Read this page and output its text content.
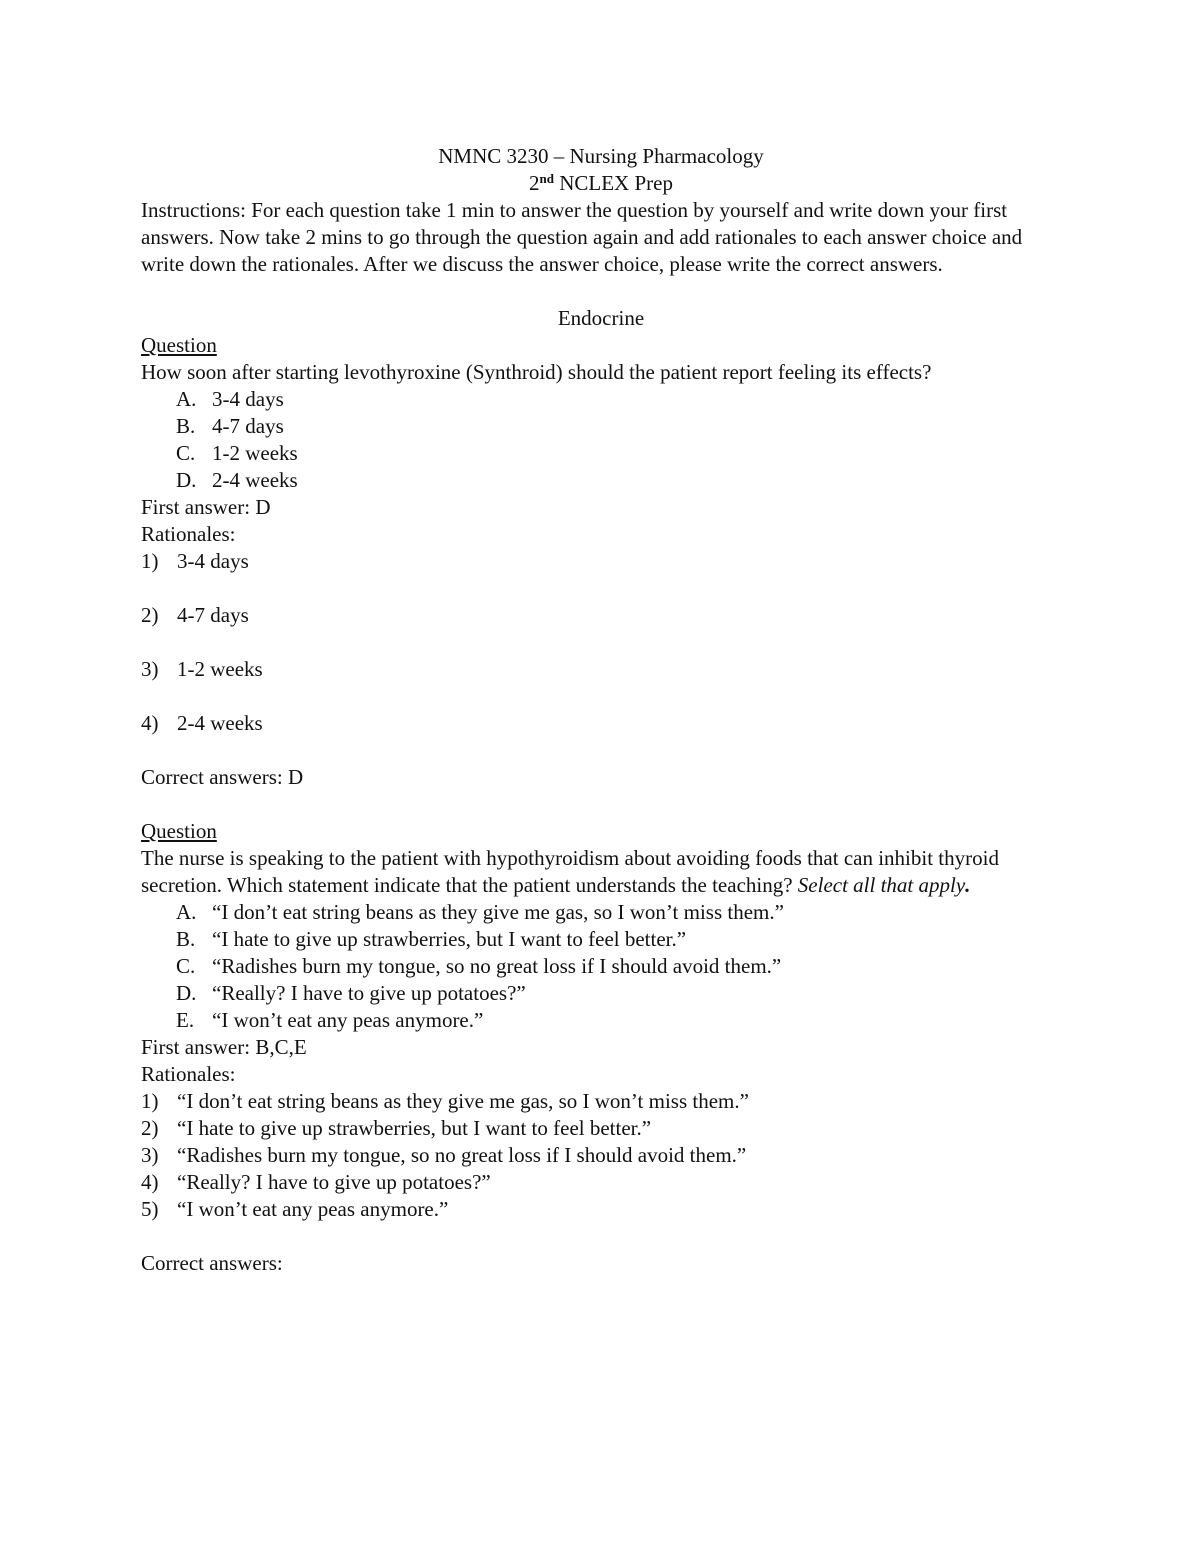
NMNC 3230 – Nursing Pharmacology
2nd NCLEX Prep
Instructions: For each question take 1 min to answer the question by yourself and write down your first answers. Now take 2 mins to go through the question again and add rationales to each answer choice and write down the rationales. After we discuss the answer choice, please write the correct answers.
Endocrine
Question
How soon after starting levothyroxine (Synthroid) should the patient report feeling its effects?
A. 3-4 days
B. 4-7 days
C. 1-2 weeks
D. 2-4 weeks
First answer: D
Rationales:
1) 3-4 days
2) 4-7 days
3) 1-2 weeks
4) 2-4 weeks
Correct answers: D
Question
The nurse is speaking to the patient with hypothyroidism about avoiding foods that can inhibit thyroid secretion. Which statement indicate that the patient understands the teaching? Select all that apply.
A. “I don’t eat string beans as they give me gas, so I won’t miss them.”
B. “I hate to give up strawberries, but I want to feel better.”
C. “Radishes burn my tongue, so no great loss if I should avoid them.”
D. “Really? I have to give up potatoes?”
E. “I won’t eat any peas anymore.”
First answer: B,C,E
Rationales:
1) “I don’t eat string beans as they give me gas, so I won’t miss them.”
2) “I hate to give up strawberries, but I want to feel better.”
3) “Radishes burn my tongue, so no great loss if I should avoid them.”
4) “Really? I have to give up potatoes?”
5) “I won’t eat any peas anymore.”
Correct answers:
